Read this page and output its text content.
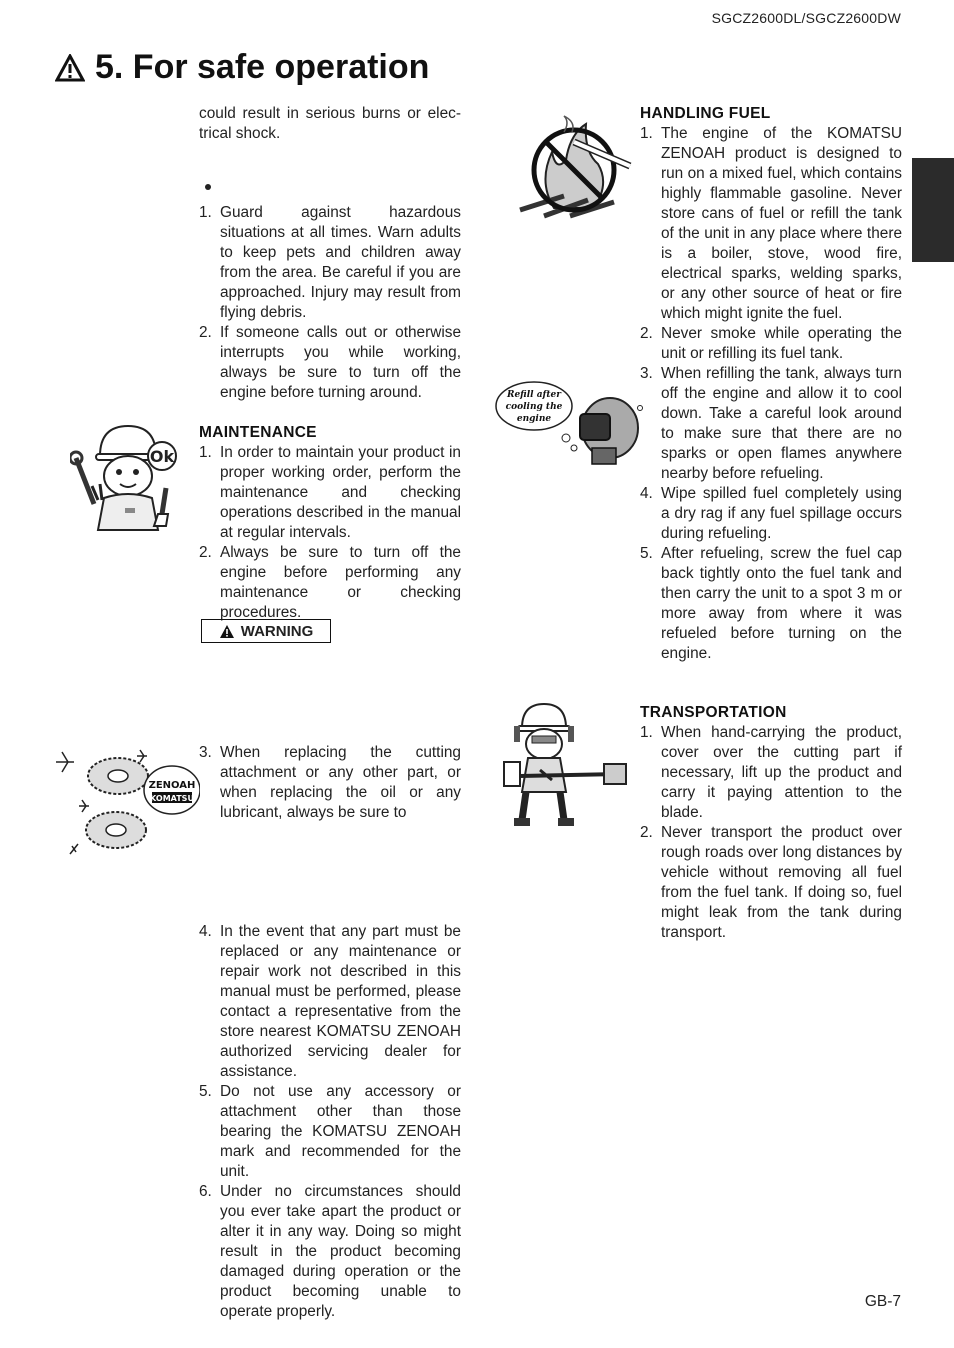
SGCZ2600DL/SGCZ2600DW
5. For safe operation

could result in serious burns or elec-trical shock.

1. Guard against hazardous situations at all times. Warn adults to keep pets and children away from the area. Be careful if you are approached. Injury may result from flying debris.
2. If someone calls out or otherwise interrupts you while working, always be sure to turn off the engine before turning around.
MAINTENANCE
1. In order to maintain your product in proper working order, perform the maintenance and checking operations described in the manual at regular intervals.
2. Always be sure to turn off the engine before performing any maintenance or checking procedures.
WARNING
3. When replacing the cutting attachment or any other part, or when replacing the oil or any lubricant, always be sure to
4. In the event that any part must be replaced or any maintenance or repair work not described in this manual must be performed, please contact a representative from the store nearest KOMATSU ZENOAH authorized servicing dealer for assistance.
5. Do not use any accessory or attachment other than those bearing the KOMATSU ZENOAH mark and recommended for the unit.
6. Under no circumstances should you ever take apart the product or alter it in any way. Doing so might result in the product becoming damaged during operation or the product becoming unable to operate properly.
HANDLING FUEL
1. The engine of the KOMATSU ZENOAH product is designed to run on a mixed fuel, which contains highly flammable gasoline. Never store cans of fuel or refill the tank of the unit in any place where there is a boiler, stove, wood fire, electrical sparks, welding sparks, or any other source of heat or fire which might ignite the fuel.
2. Never smoke while operating the unit or refilling its fuel tank.
3. When refilling the tank, always turn off the engine and allow it to cool down. Take a careful look around to make sure that there are no sparks or open flames anywhere nearby before refueling.
4. Wipe spilled fuel completely using a dry rag if any fuel spillage occurs during refueling.
5. After refueling, screw the fuel cap back tightly onto the fuel tank and then carry the unit to a spot 3 m or more away from where it was refueled before turning on the engine.
TRANSPORTATION
1. When hand-carrying the product, cover over the cutting part if necessary, lift up the product and carry it paying attention to the blade.
2. Never transport the product over rough roads over long distances by vehicle without removing all fuel from the fuel tank. If doing so, fuel might leak from the tank during transport.
GB-7
Ok
ZENOAH
KOMATSU
Refill after
cooling the
engine
